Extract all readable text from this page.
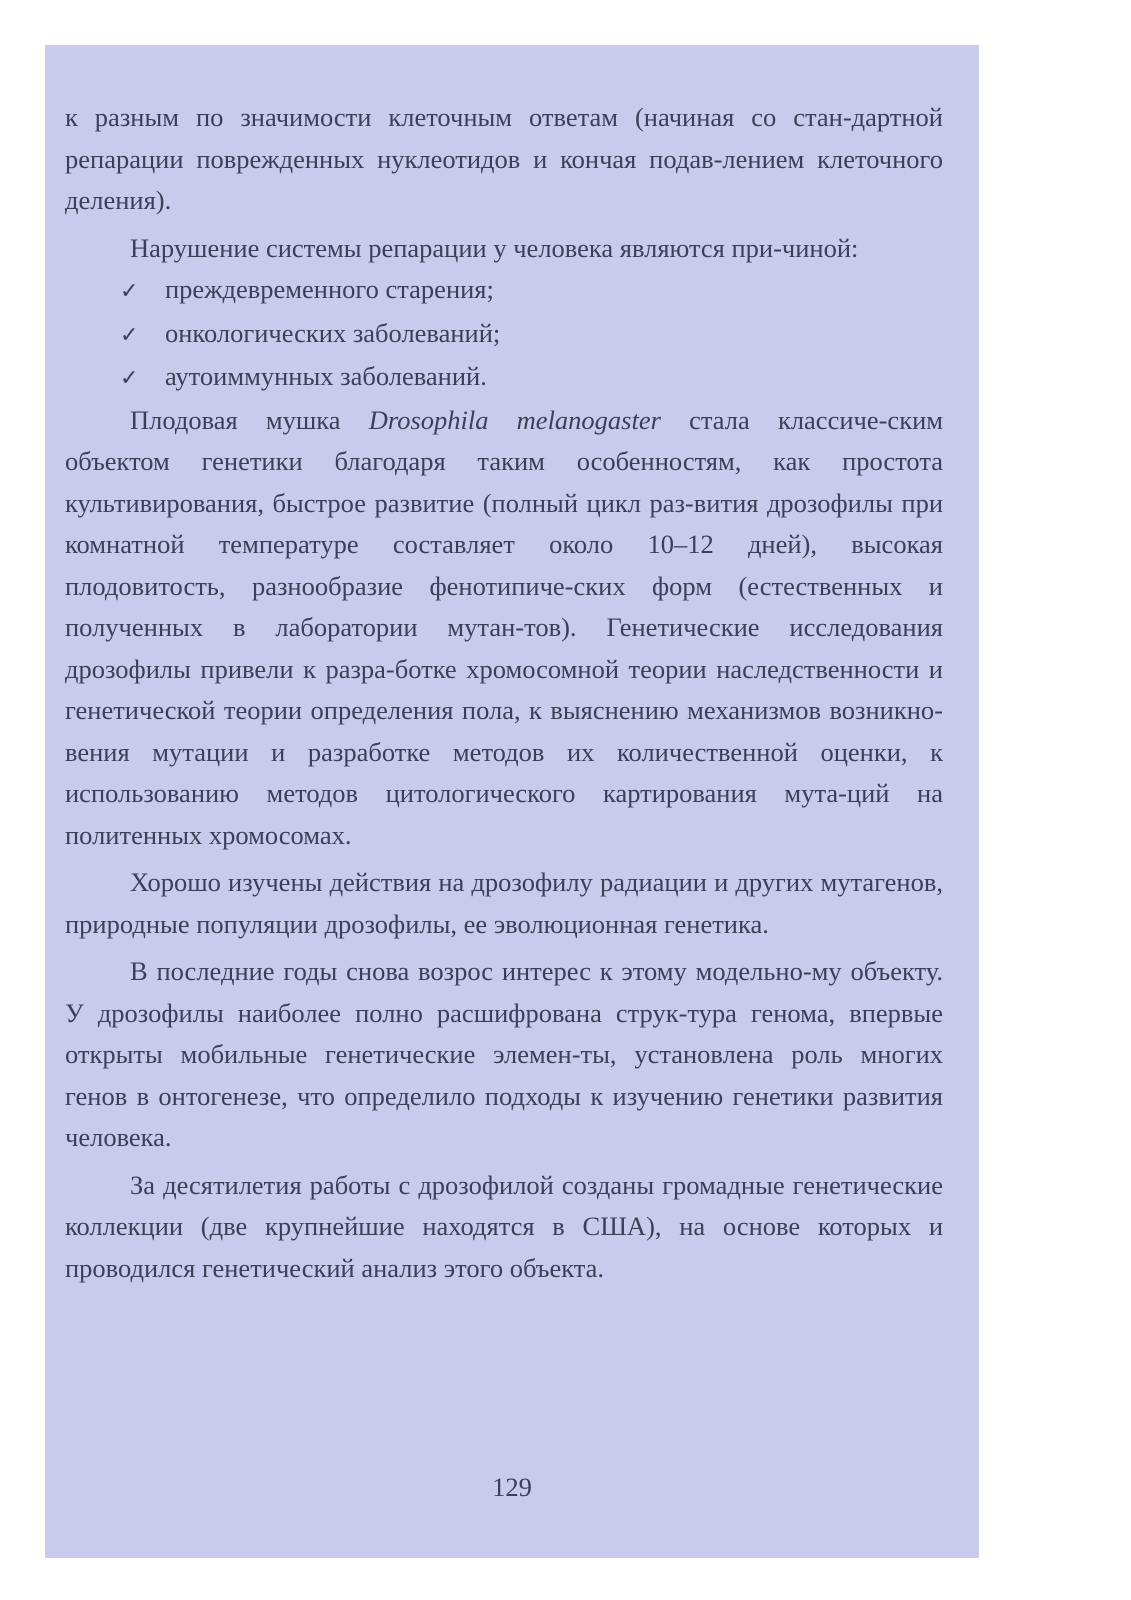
к разным по значимости клеточным ответам (начиная со стан-дартной репарации поврежденных нуклеотидов и кончая подав-лением клеточного деления).

Нарушение системы репарации у человека являются при-чиной:

✓	преждевременного старения;
✓	онкологических заболеваний;
✓	аутоиммунных заболеваний.

Плодовая мушка Drosophila melanogaster стала классиче-ским объектом генетики благодаря таким особенностям, как простота культивирования, быстрое развитие (полный цикл раз-вития дрозофилы при комнатной температуре составляет около 10–12 дней), высокая плодовитость, разнообразие фенотипиче-ских форм (естественных и полученных в лаборатории мутан-тов). Генетические исследования дрозофилы привели к разра-ботке хромосомной теории наследственности и генетической теории определения пола, к выяснению механизмов возникно-вения мутации и разработке методов их количественной оценки, к использованию методов цитологического картирования мута-ций на политенных хромосомах.

Хорошо изучены действия на дрозофилу радиации и других мутагенов, природные популяции дрозофилы, ее эволюционная генетика.

В последние годы снова возрос интерес к этому модельно-му объекту. У дрозофилы наиболее полно расшифрована струк-тура генома, впервые открыты мобильные генетические элемен-ты, установлена роль многих генов в онтогенезе, что определило подходы к изучению генетики развития человека.

За десятилетия работы с дрозофилой созданы громадные генетические коллекции (две крупнейшие находятся в США), на основе которых и проводился генетический анализ этого объекта.

129
